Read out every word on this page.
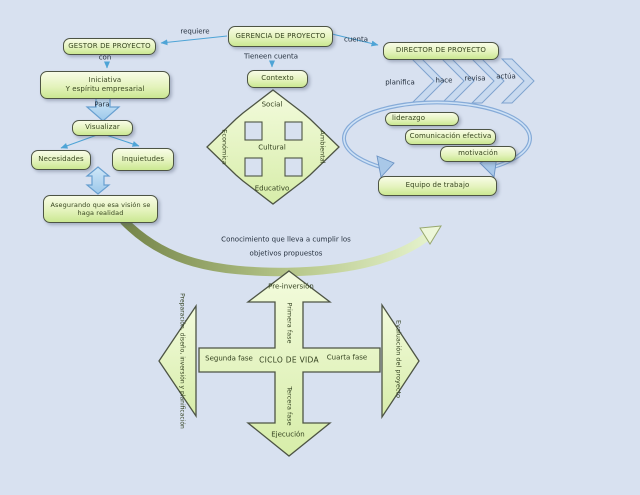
GESTOR DE PROYECTO
GERENCIA DE PROYECTO
DIRECTOR DE PROYECTO
Iniciativa
Y espíritu empresarial
Visualizar
Necesidades	Inquietudes
Asegurando que esa visión se
haga realidad
Contexto
liderazgo
Comunicación efectiva
motivación
Equipo de trabajo
requiere
cuenta
Tieneen cuenta
con
Para
planifica	hace revisa actúa
Social
Económica	Cultural	Ambiental
Educativo
Conocimiento que lleva a cumplir los
objetivos propuestos
Pre-inversión
Primera fase
Segunda fase CICLO DE VIDA Cuarta fase
Tercera fase
Ejecución
Preparación, diseño, inversión y planificación	Evaluación del proyecto
